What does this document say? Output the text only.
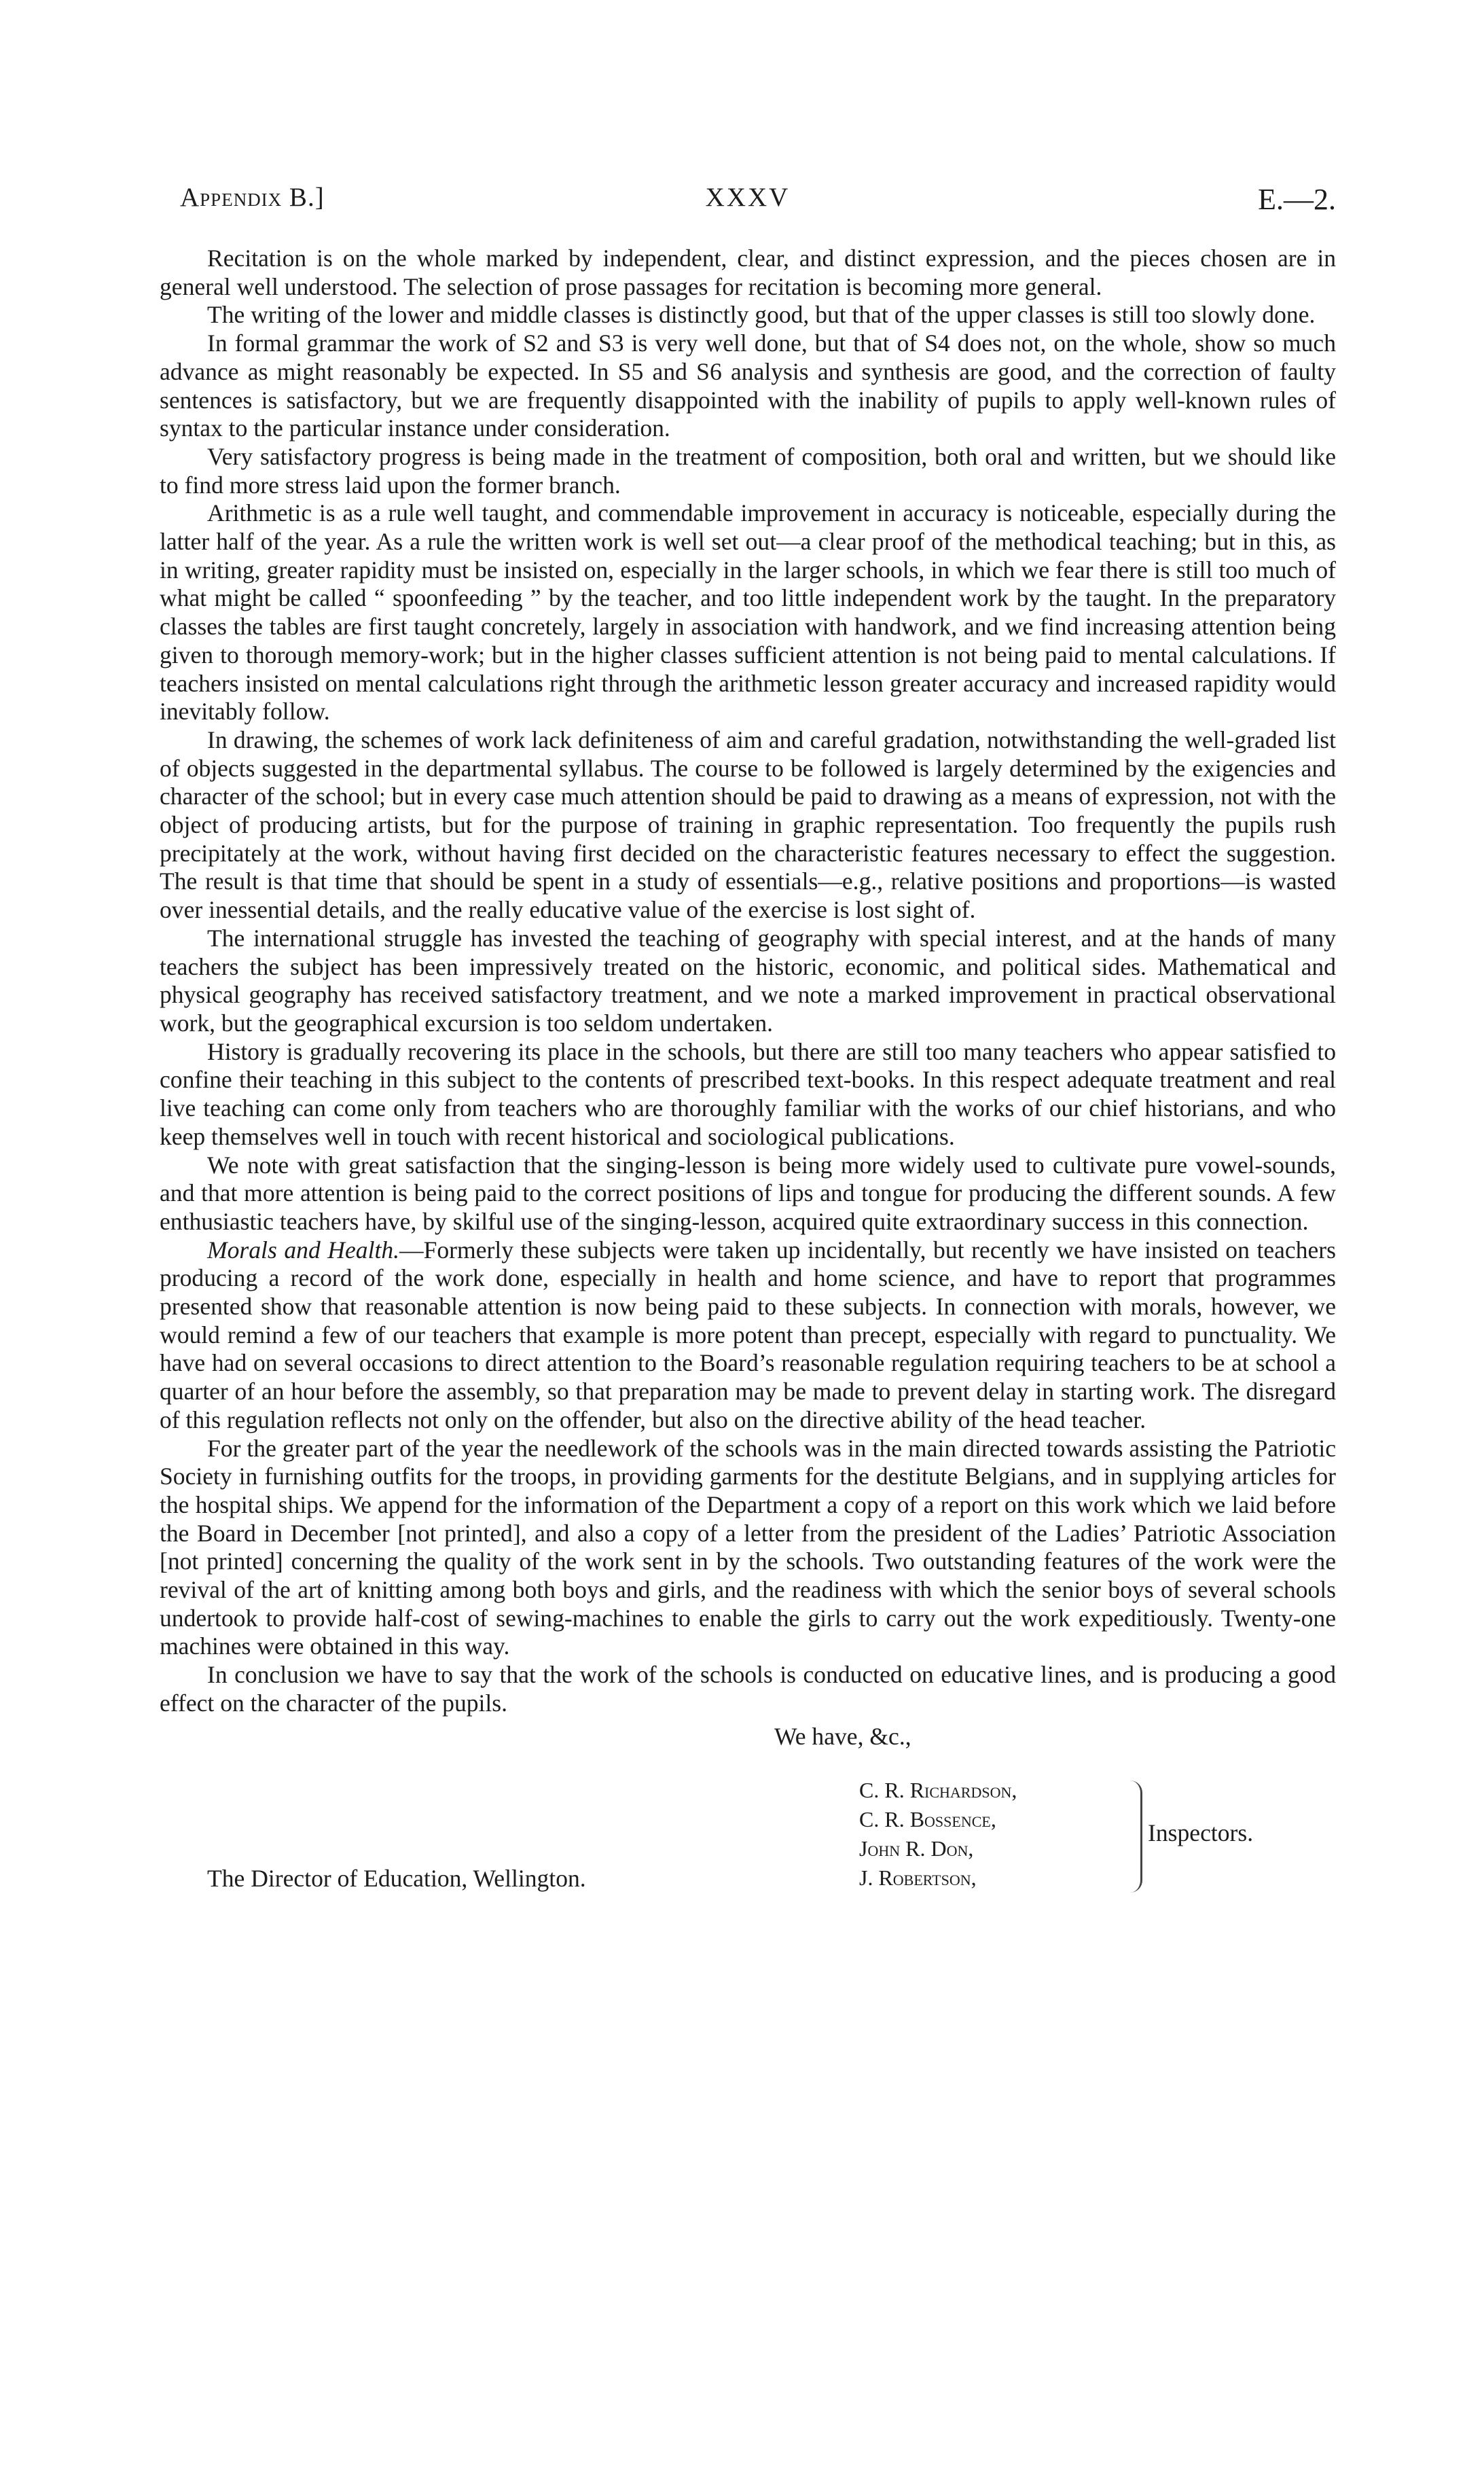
Appendix B.]	XXXV	E.—2.

Recitation is on the whole marked by independent, clear, and distinct expression, and the pieces chosen are in general well understood. The selection of prose passages for recitation is becoming more general.

The writing of the lower and middle classes is distinctly good, but that of the upper classes is still too slowly done.

In formal grammar the work of S2 and S3 is very well done, but that of S4 does not, on the whole, show so much advance as might reasonably be expected. In S5 and S6 analysis and synthesis are good, and the correction of faulty sentences is satisfactory, but we are frequently disappointed with the inability of pupils to apply well-known rules of syntax to the particular instance under consideration.

Very satisfactory progress is being made in the treatment of composition, both oral and written, but we should like to find more stress laid upon the former branch.

Arithmetic is as a rule well taught, and commendable improvement in accuracy is noticeable, especially during the latter half of the year. As a rule the written work is well set out—a clear proof of the methodical teaching; but in this, as in writing, greater rapidity must be insisted on, especially in the larger schools, in which we fear there is still too much of what might be called “ spoonfeeding ” by the teacher, and too little independent work by the taught. In the preparatory classes the tables are first taught concretely, largely in association with handwork, and we find increasing attention being given to thorough memory-work; but in the higher classes sufficient attention is not being paid to mental calculations. If teachers insisted on mental calculations right through the arithmetic lesson greater accuracy and increased rapidity would inevitably follow.

In drawing, the schemes of work lack definiteness of aim and careful gradation, notwithstanding the well-graded list of objects suggested in the departmental syllabus. The course to be followed is largely determined by the exigencies and character of the school; but in every case much attention should be paid to drawing as a means of expression, not with the object of producing artists, but for the purpose of training in graphic representation. Too frequently the pupils rush precipitately at the work, without having first decided on the characteristic features necessary to effect the suggestion. The result is that time that should be spent in a study of essentials—e.g., relative positions and proportions—is wasted over inessential details, and the really educative value of the exercise is lost sight of.

The international struggle has invested the teaching of geography with special interest, and at the hands of many teachers the subject has been impressively treated on the historic, economic, and political sides. Mathematical and physical geography has received satisfactory treatment, and we note a marked improvement in practical observational work, but the geographical excursion is too seldom undertaken.

History is gradually recovering its place in the schools, but there are still too many teachers who appear satisfied to confine their teaching in this subject to the contents of prescribed text-books. In this respect adequate treatment and real live teaching can come only from teachers who are thoroughly familiar with the works of our chief historians, and who keep themselves well in touch with recent historical and sociological publications.

We note with great satisfaction that the singing-lesson is being more widely used to cultivate pure vowel-sounds, and that more attention is being paid to the correct positions of lips and tongue for producing the different sounds. A few enthusiastic teachers have, by skilful use of the singing-lesson, acquired quite extraordinary success in this connection.

Morals and Health.—Formerly these subjects were taken up incidentally, but recently we have insisted on teachers producing a record of the work done, especially in health and home science, and have to report that programmes presented show that reasonable attention is now being paid to these subjects. In connection with morals, however, we would remind a few of our teachers that example is more potent than precept, especially with regard to punctuality. We have had on several occasions to direct attention to the Board’s reasonable regulation requiring teachers to be at school a quarter of an hour before the assembly, so that preparation may be made to prevent delay in starting work. The disregard of this regulation reflects not only on the offender, but also on the directive ability of the head teacher.

For the greater part of the year the needlework of the schools was in the main directed towards assisting the Patriotic Society in furnishing outfits for the troops, in providing garments for the destitute Belgians, and in supplying articles for the hospital ships. We append for the information of the Department a copy of a report on this work which we laid before the Board in December [not printed], and also a copy of a letter from the president of the Ladies’ Patriotic Association [not printed] concerning the quality of the work sent in by the schools. Two outstanding features of the work were the revival of the art of knitting among both boys and girls, and the readiness with which the senior boys of several schools undertook to provide half-cost of sewing-machines to enable the girls to carry out the work expeditiously. Twenty-one machines were obtained in this way.

In conclusion we have to say that the work of the schools is conducted on educative lines, and is producing a good effect on the character of the pupils.

We have, &c.,
C. R. Richardson,
C. R. Bossence,
John R. Don,
J. Robertson,
Inspectors.
The Director of Education, Wellington.
